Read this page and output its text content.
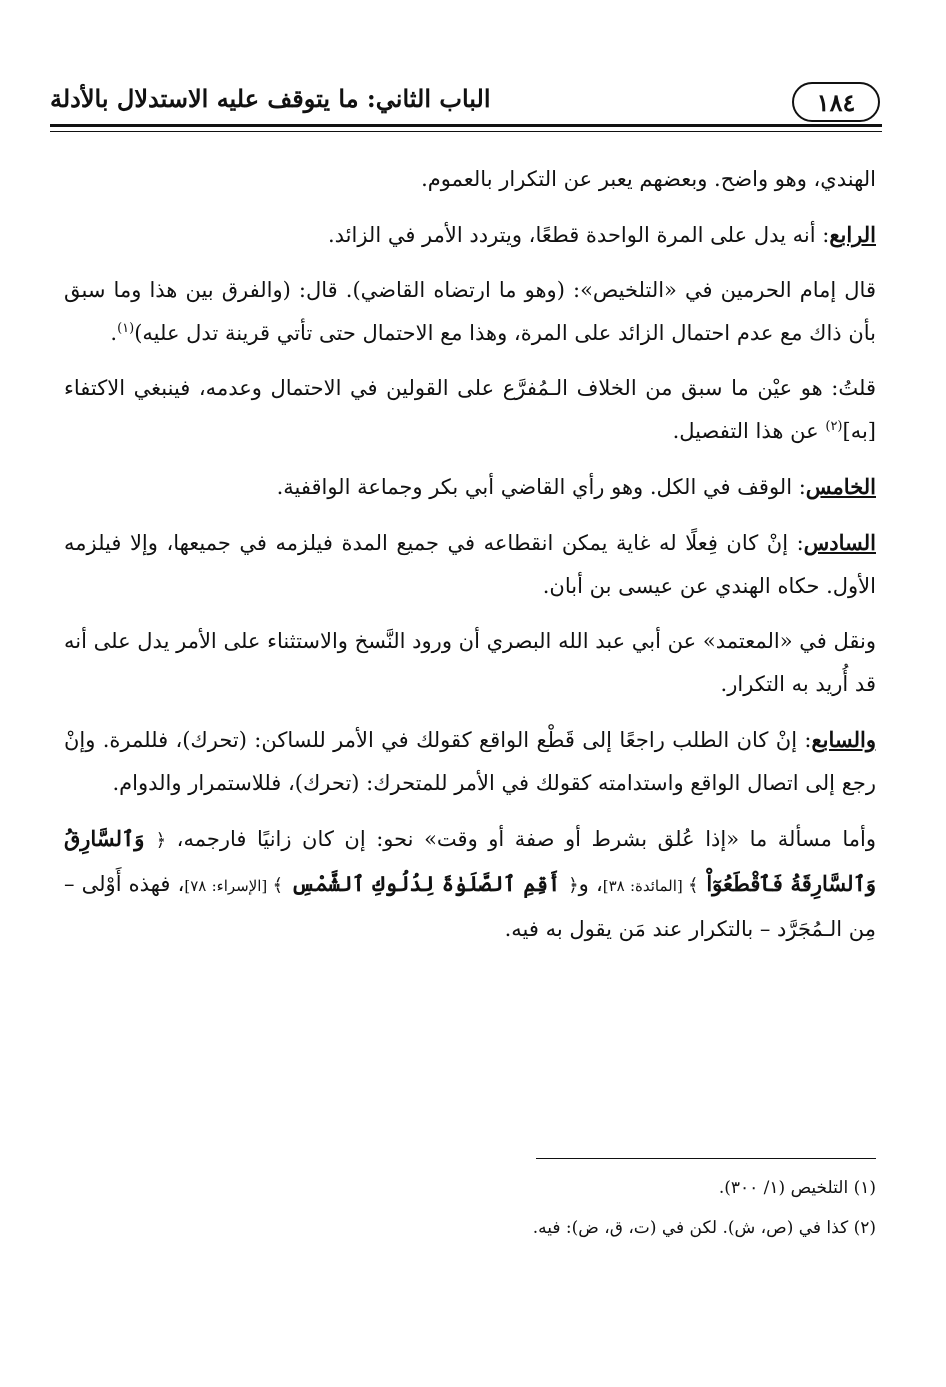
١٨٤
الباب الثاني: ما يتوقف عليه الاستدلال بالأدلة

الهندي، وهو واضح. وبعضهم يعبر عن التكرار بالعموم.

الرابع: أنه يدل على المرة الواحدة قطعًا، ويتردد الأمر في الزائد.

قال إمام الحرمين في «التلخيص»: (وهو ما ارتضاه القاضي). قال: (والفرق بين هذا وما سبق بأن ذاك مع عدم احتمال الزائد على المرة، وهذا مع الاحتمال حتى تأتي قرينة تدل عليه)$^{(١)}$.

قلتُ: هو عيْن ما سبق من الخلاف الـمُفرَّع على القولين في الاحتمال وعدمه، فينبغي الاكتفاء [به]$^{(٢)}$ عن هذا التفصيل.

الخامس: الوقف في الكل. وهو رأي القاضي أبي بكر وجماعة الواقفية.

السادس: إنْ كان فِعلًا له غاية يمكن انقطاعه في جميع المدة فيلزمه في جميعها، وإلا فيلزمه الأول. حكاه الهندي عن عيسى بن أبان.

ونقل في «المعتمد» عن أبي عبد الله البصري أن ورود النَّسخ والاستثناء على الأمر يدل على أنه قد أُريد به التكرار.

والسابع: إنْ كان الطلب راجعًا إلى قَطْع الواقع كقولك في الأمر للساكن: (تحرك)، فللمرة. وإنْ رجع إلى اتصال الواقع واستدامته كقولك في الأمر للمتحرك: (تحرك)، فللاستمرار والدوام.

وأما مسألة ما «إذا عُلق بشرط أو صفة أو وقت» نحو: إن كان زانيًا فارجمه، ﴿ وَٱلسَّارِقُ وَٱلسَّارِقَةُ فَٱقْطَعُوٓاْ ﴾ [المائدة: ٣٨]، و﴿ أَقِمِ ٱلصَّلَوٰةَ لِدُلُوكِ ٱلشَّمْسِ ﴾ [الإسراء: ٧٨]، فهذه أَوْلى – مِن الـمُجَرَّد – بالتكرار عند مَن يقول به فيه.

(١) التلخيص (١/ ٣٠٠).

(٢) كذا في (ص، ش). لكن في (ت، ق، ض): فيه.
